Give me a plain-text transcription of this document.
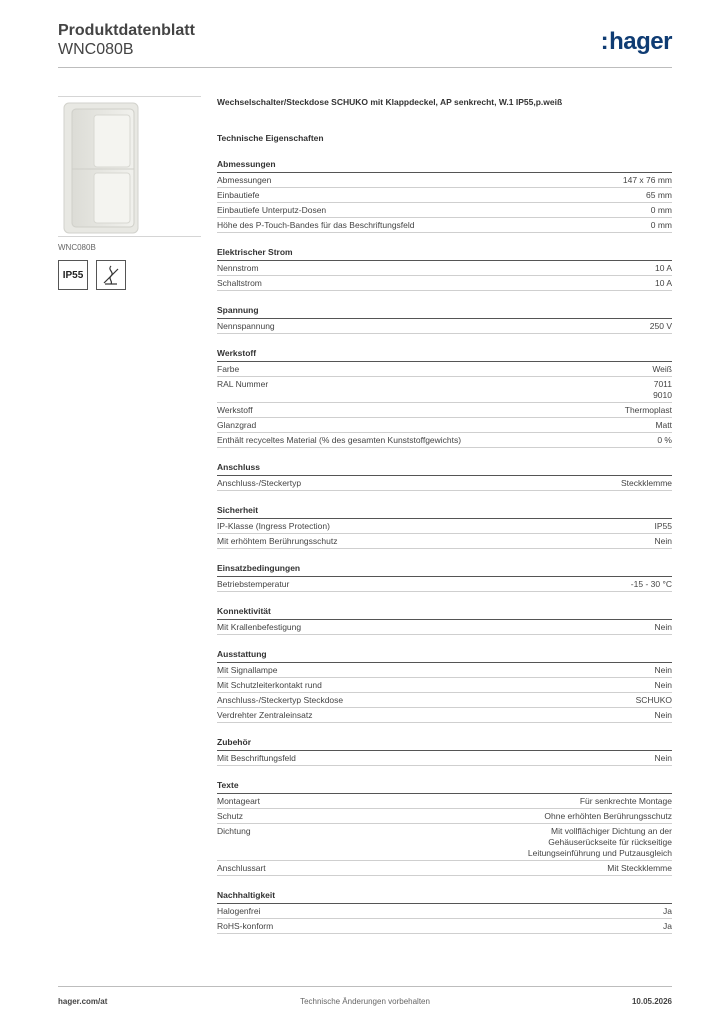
Produktdatenblatt
WNC080B	:hager
WNC080B
IP55
Wechselschalter/Steckdose SCHUKO mit Klappdeckel, AP senkrecht, W.1 IP55,p.weiß
Technische Eigenschaften
Abmessungen
Abmessungen	147 x 76 mm
Einbautiefe	65 mm
Einbautiefe Unterputz-Dosen	0 mm
Höhe des P-Touch-Bandes für das Beschriftungsfeld	0 mm
Elektrischer Strom
Nennstrom	10 A
Schaltstrom	10 A
Spannung
Nennspannung	250 V
Werkstoff
Farbe	Weiß
RAL Nummer	7011
9010
Werkstoff	Thermoplast
Glanzgrad	Matt
Enthält recyceltes Material (% des gesamten Kunststoffgewichts)	0 %
Anschluss
Anschluss-/Steckertyp	Steckklemme
Sicherheit
IP-Klasse (Ingress Protection)	IP55
Mit erhöhtem Berührungsschutz	Nein
Einsatzbedingungen
Betriebstemperatur	-15 - 30 °C
Konnektivität
Mit Krallenbefestigung	Nein
Ausstattung
Mit Signallampe	Nein
Mit Schutzleiterkontakt rund	Nein
Anschluss-/Steckertyp Steckdose	SCHUKO
Verdrehter Zentraleinsatz	Nein
Zubehör
Mit Beschriftungsfeld	Nein
Texte
Montageart	Für senkrechte Montage
Schutz	Ohne erhöhten Berührungsschutz
Dichtung	Mit vollflächiger Dichtung an der
Gehäuserückseite für rückseitige
Leitungseinführung und Putzausgleich
Anschlussart	Mit Steckklemme
Nachhaltigkeit
Halogenfrei	Ja
RoHS-konform	Ja
hager.com/at	Technische Änderungen vorbehalten	10.05.2026
